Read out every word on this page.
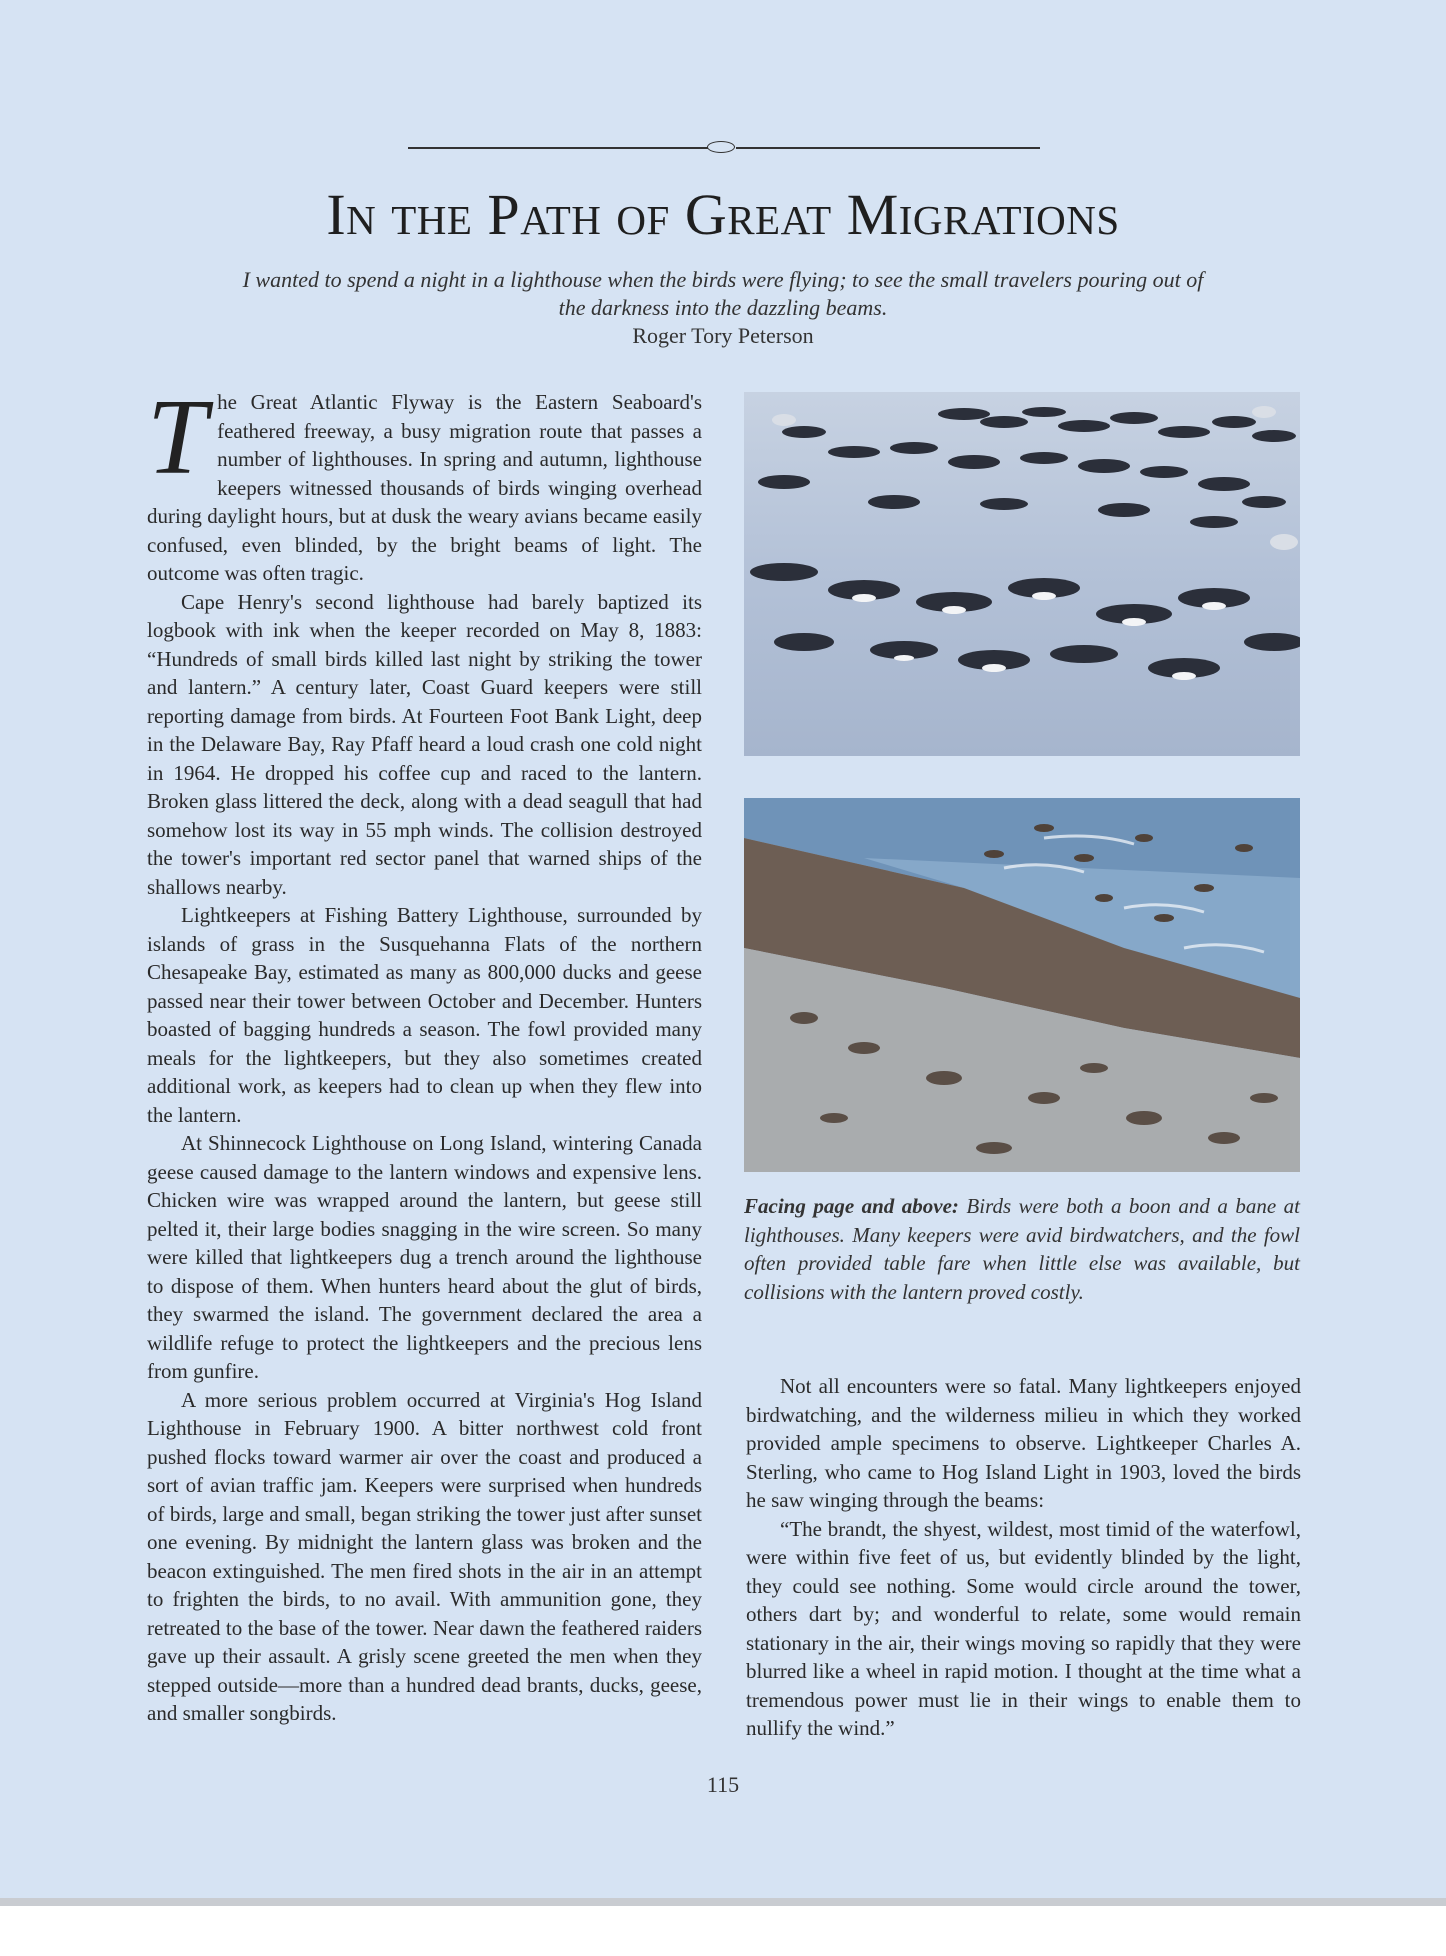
In the Path of Great Migrations
I wanted to spend a night in a lighthouse when the birds were flying; to see the small travelers pouring out of the darkness into the dazzling beams.
Roger Tory Peterson

The Great Atlantic Flyway is the Eastern Seaboard's feathered freeway, a busy migration route that passes a number of lighthouses. In spring and autumn, lighthouse keepers witnessed thousands of birds winging overhead during daylight hours, but at dusk the weary avians became easily confused, even blinded, by the bright beams of light. The outcome was often tragic.

Cape Henry's second lighthouse had barely baptized its logbook with ink when the keeper recorded on May 8, 1883: “Hundreds of small birds killed last night by striking the tower and lantern.” A century later, Coast Guard keepers were still reporting damage from birds. At Fourteen Foot Bank Light, deep in the Delaware Bay, Ray Pfaff heard a loud crash one cold night in 1964. He dropped his coffee cup and raced to the lantern. Broken glass littered the deck, along with a dead seagull that had somehow lost its way in 55 mph winds. The collision destroyed the tower's important red sector panel that warned ships of the shallows nearby.

Lightkeepers at Fishing Battery Lighthouse, surrounded by islands of grass in the Susquehanna Flats of the northern Chesapeake Bay, estimated as many as 800,000 ducks and geese passed near their tower between October and December. Hunters boasted of bagging hundreds a season. The fowl provided many meals for the lightkeepers, but they also sometimes created additional work, as keepers had to clean up when they flew into the lantern.

At Shinnecock Lighthouse on Long Island, wintering Canada geese caused damage to the lantern windows and expensive lens. Chicken wire was wrapped around the lantern, but geese still pelted it, their large bodies snagging in the wire screen. So many were killed that lightkeepers dug a trench around the lighthouse to dispose of them. When hunters heard about the glut of birds, they swarmed the island. The government declared the area a wildlife refuge to protect the lightkeepers and the precious lens from gunfire.

A more serious problem occurred at Virginia's Hog Island Lighthouse in February 1900. A bitter northwest cold front pushed flocks toward warmer air over the coast and produced a sort of avian traffic jam. Keepers were surprised when hundreds of birds, large and small, began striking the tower just after sunset one evening. By midnight the lantern glass was broken and the beacon extinguished. The men fired shots in the air in an attempt to frighten the birds, to no avail. With ammunition gone, they retreated to the base of the tower. Near dawn the feathered raiders gave up their assault. A grisly scene greeted the men when they stepped outside—more than a hundred dead brants, ducks, geese, and smaller songbirds.

Facing page and above: Birds were both a boon and a bane at lighthouses. Many keepers were avid birdwatchers, and the fowl often provided table fare when little else was available, but collisions with the lantern proved costly.

Not all encounters were so fatal. Many lightkeepers enjoyed birdwatching, and the wilderness milieu in which they worked provided ample specimens to observe. Lightkeeper Charles A. Sterling, who came to Hog Island Light in 1903, loved the birds he saw winging through the beams:

“The brandt, the shyest, wildest, most timid of the waterfowl, were within five feet of us, but evidently blinded by the light, they could see nothing. Some would circle around the tower, others dart by; and wonderful to relate, some would remain stationary in the air, their wings moving so rapidly that they were blurred like a wheel in rapid motion. I thought at the time what a tremendous power must lie in their wings to enable them to nullify the wind.”

115
